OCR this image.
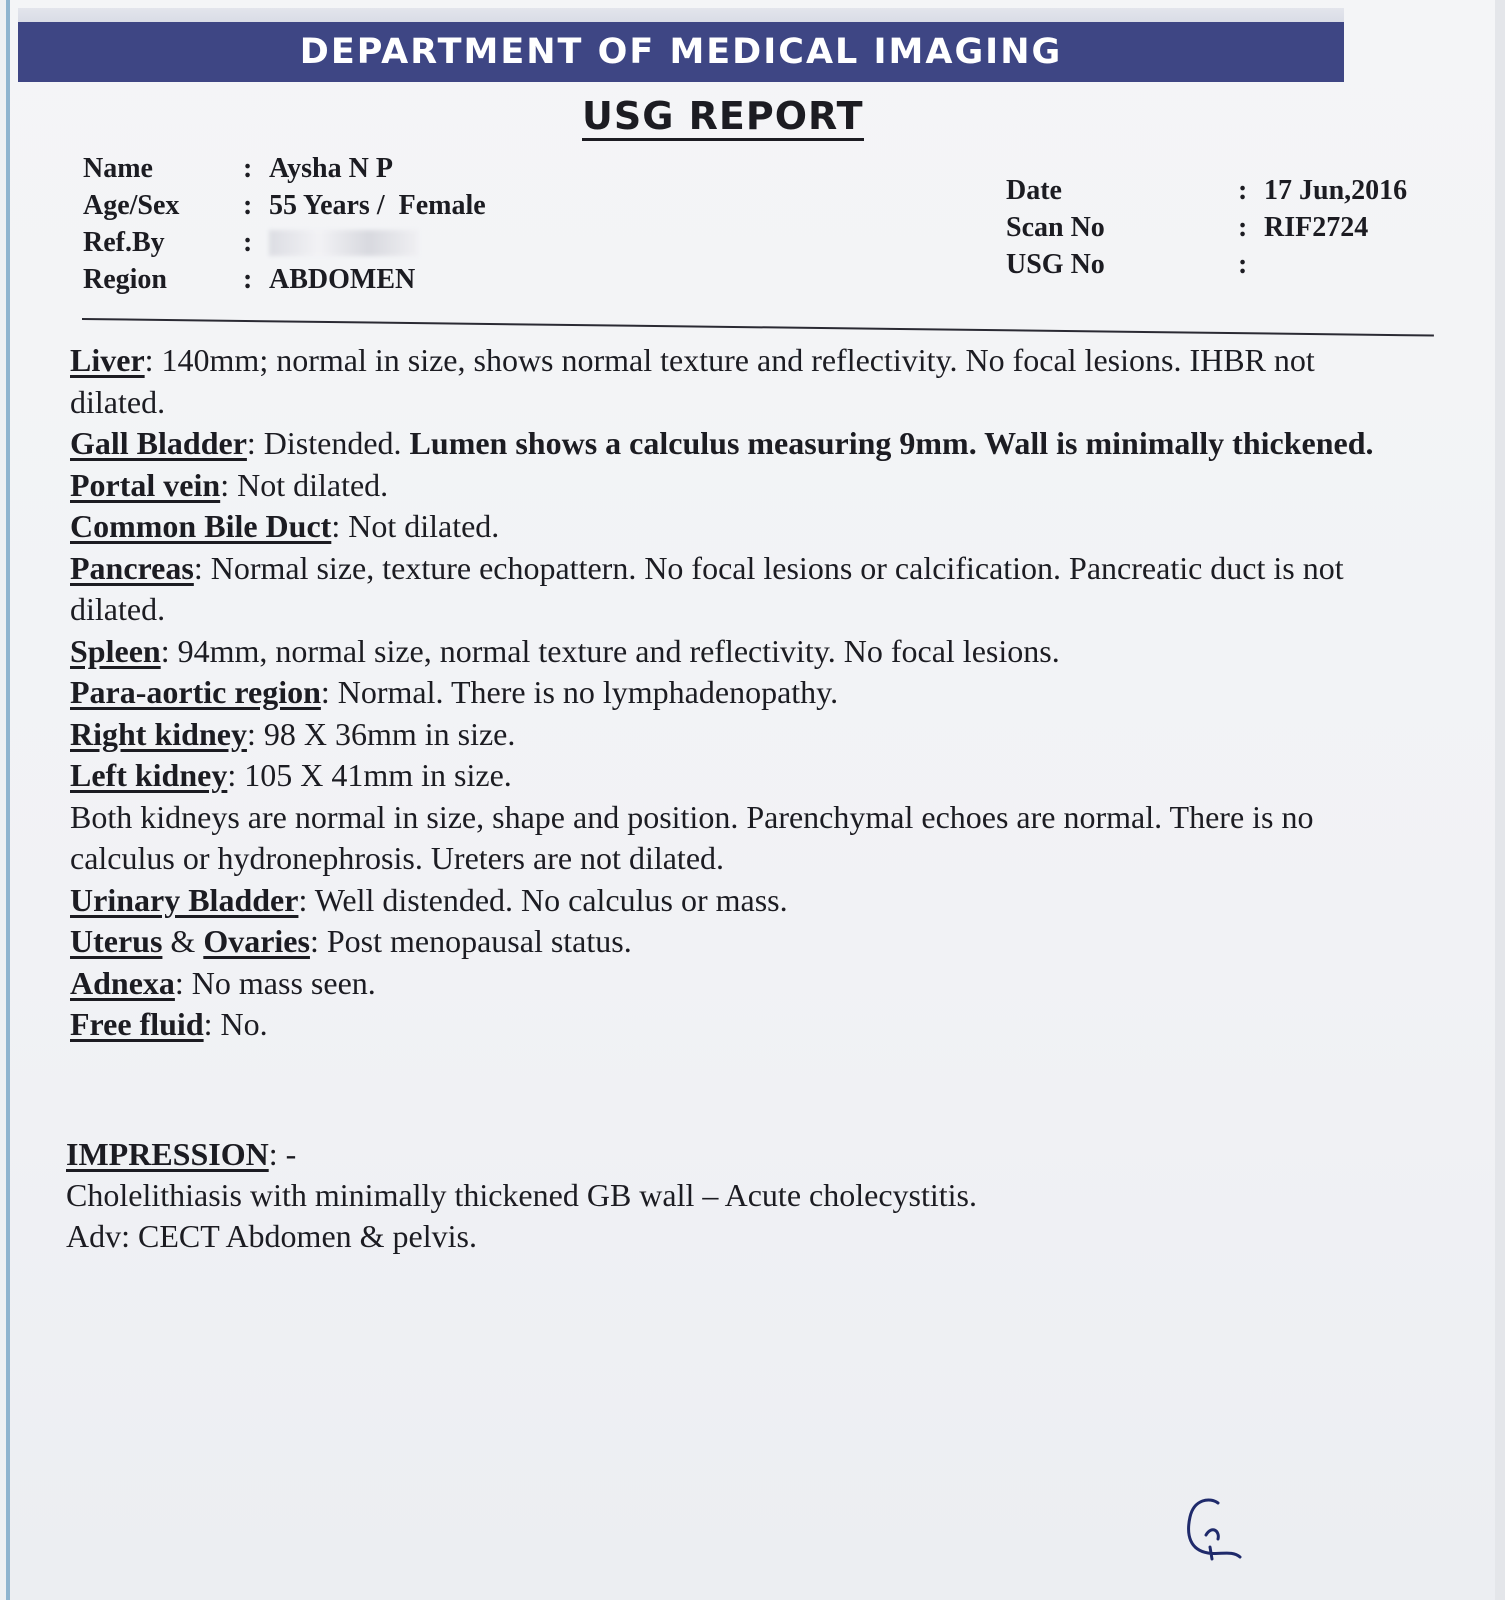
DEPARTMENT OF MEDICAL IMAGING
USG REPORT
Name	: Aysha N P
Age/Sex	: 55 Years /  Female
Ref.By	:
Region	: ABDOMEN
Date	: 17 Jun,2016
Scan No	: RIF2724
USG No	:

Liver: 140mm; normal in size, shows normal texture and reflectivity. No focal lesions. IHBR not dilated.

Gall Bladder: Distended. Lumen shows a calculus measuring 9mm. Wall is minimally thickened.

Portal vein: Not dilated.

Common Bile Duct: Not dilated.

Pancreas: Normal size, texture echopattern. No focal lesions or calcification. Pancreatic duct is not dilated.

Spleen: 94mm, normal size, normal texture and reflectivity. No focal lesions.

Para-aortic region: Normal. There is no lymphadenopathy.

Right kidney: 98 X 36mm in size.

Left kidney: 105 X 41mm in size.

Both kidneys are normal in size, shape and position. Parenchymal echoes are normal. There is no calculus or hydronephrosis. Ureters are not dilated.

Urinary Bladder: Well distended. No calculus or mass.

Uterus & Ovaries: Post menopausal status.

Adnexa: No mass seen.

Free fluid: No.

IMPRESSION: -

Cholelithiasis with minimally thickened GB wall – Acute cholecystitis.

Adv: CECT Abdomen & pelvis.
